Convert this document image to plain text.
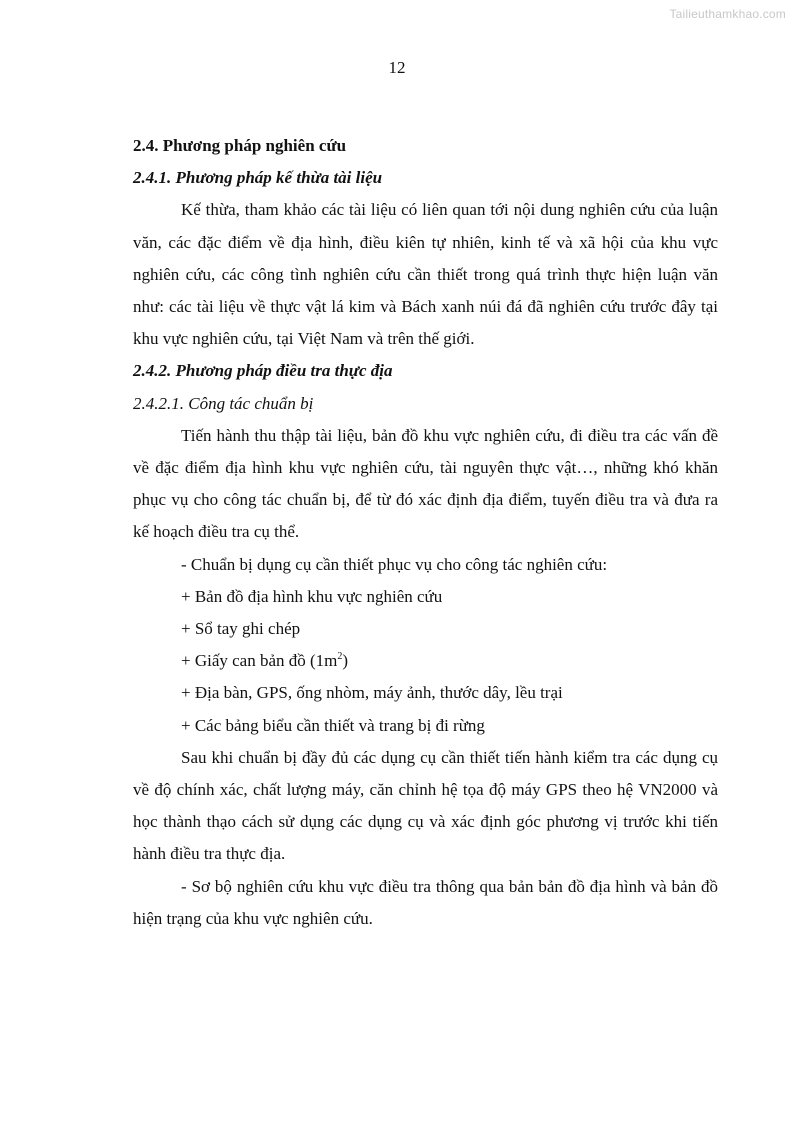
Tailieuthamkhao.com
12
2.4. Phương pháp nghiên cứu
2.4.1. Phương pháp kế thừa tài liệu

Kế thừa, tham khảo các tài liệu có liên quan tới nội dung nghiên cứu của luận văn, các đặc điểm về địa hình, điều kiên tự nhiên, kinh tế và xã hội của khu vực nghiên cứu, các công tình nghiên cứu cần thiết trong quá trình thực hiện luận văn như: các tài liệu về thực vật lá kim và Bách xanh núi đá đã nghiên cứu trước đây tại khu vực nghiên cứu, tại Việt Nam và trên thế giới.

2.4.2. Phương pháp điều tra thực địa
2.4.2.1. Công tác chuẩn bị

Tiến hành thu thập tài liệu, bản đồ khu vực nghiên cứu, đi điều tra các vấn đề về đặc điểm địa hình khu vực nghiên cứu, tài nguyên thực vật…, những khó khăn phục vụ cho công tác chuẩn bị, để từ đó xác định địa điểm, tuyến điều tra và đưa ra kế hoạch điều tra cụ thể.

- Chuẩn bị dụng cụ cần thiết phục vụ cho công tác nghiên cứu:
+ Bản đồ địa hình khu vực nghiên cứu
+ Sổ tay ghi chép
+ Giấy can bản đồ $(1m^2)$
+ Địa bàn, GPS, ống nhòm, máy ảnh, thước dây, lều trại
+ Các bảng biểu cần thiết và trang bị đi rừng

Sau khi chuẩn bị đầy đủ các dụng cụ cần thiết tiến hành kiểm tra các dụng cụ về độ chính xác, chất lượng máy, căn chỉnh hệ tọa độ máy GPS theo hệ VN2000 và học thành thạo cách sử dụng các dụng cụ và xác định góc phương vị trước khi tiến hành điều tra thực địa.

- Sơ bộ nghiên cứu khu vực điều tra thông qua bản bản đồ địa hình và bản đồ hiện trạng của khu vực nghiên cứu.
